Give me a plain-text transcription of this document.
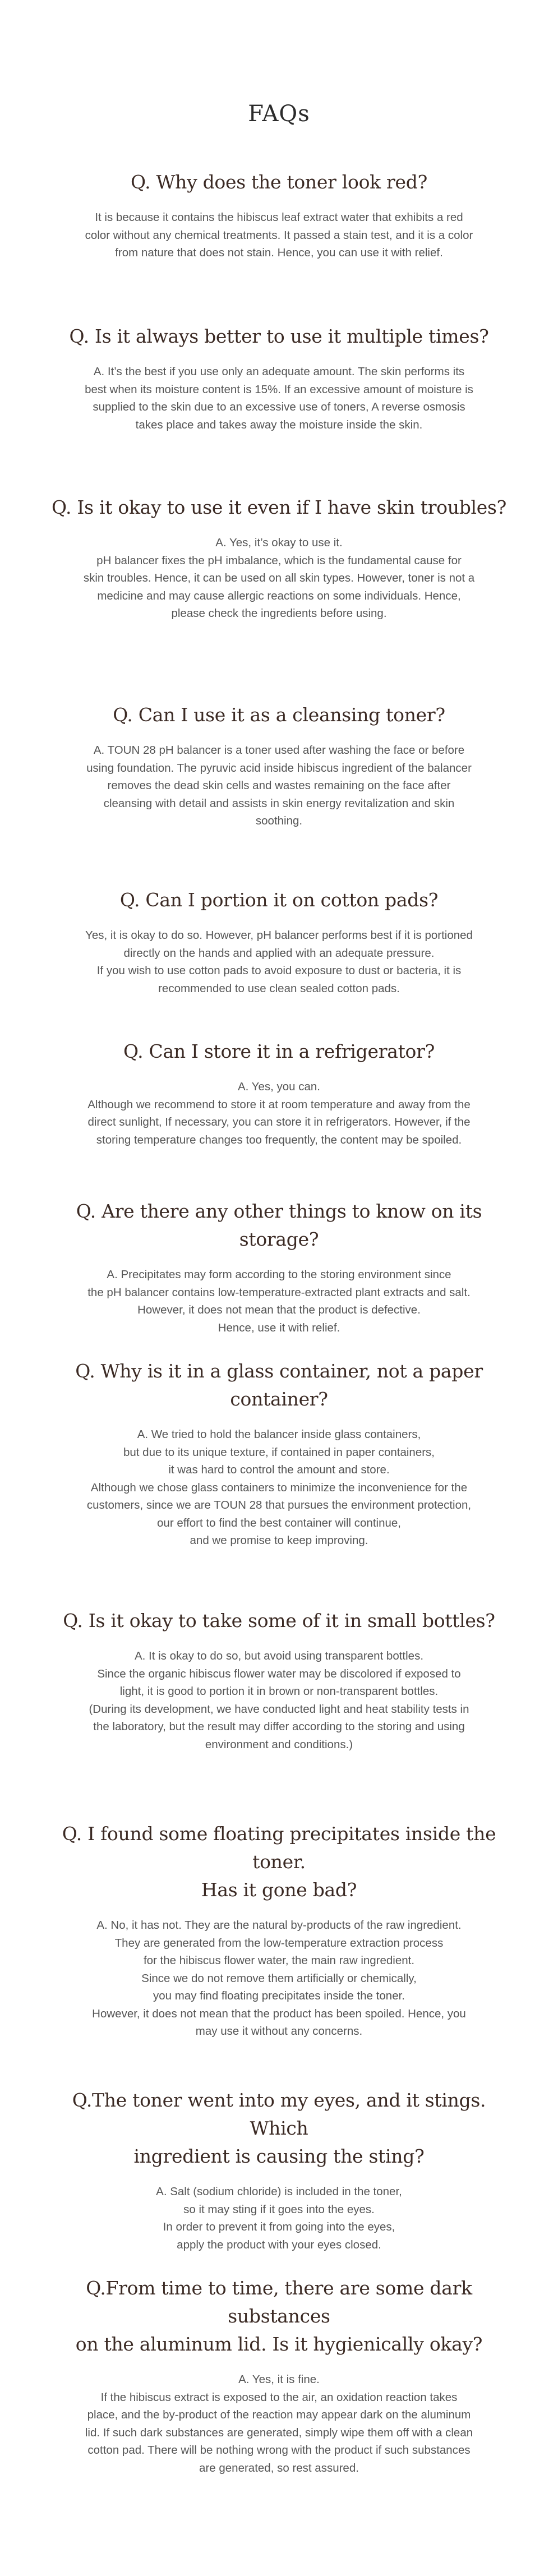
FAQs
Q. Why does the toner look red?

It is because it contains the hibiscus leaf extract water that exhibits a red
color without any chemical treatments. It passed a stain test, and it is a color
from nature that does not stain. Hence, you can use it with relief.

Q. Is it always better to use it multiple times?

A. It’s the best if you use only an adequate amount. The skin performs its
best when its moisture content is 15%. If an excessive amount of moisture is
supplied to the skin due to an excessive use of toners, A reverse osmosis
takes place and takes away the moisture inside the skin.

Q. Is it okay to use it even if I have skin troubles?

A. Yes, it’s okay to use it.
pH balancer fixes the pH imbalance, which is the fundamental cause for
skin troubles. Hence, it can be used on all skin types. However, toner is not a
medicine and may cause allergic reactions on some individuals. Hence,
please check the ingredients before using.

Q. Can I use it as a cleansing toner?

A. TOUN 28 pH balancer is a toner used after washing the face or before
using foundation. The pyruvic acid inside hibiscus ingredient of the balancer
removes the dead skin cells and wastes remaining on the face after
cleansing with detail and assists in skin energy revitalization and skin
soothing.

Q. Can I portion it on cotton pads?

Yes, it is okay to do so. However, pH balancer performs best if it is portioned
directly on the hands and applied with an adequate pressure.
If you wish to use cotton pads to avoid exposure to dust or bacteria, it is
recommended to use clean sealed cotton pads.

Q. Can I store it in a refrigerator?

A. Yes, you can.
Although we recommend to store it at room temperature and away from the
direct sunlight, If necessary, you can store it in refrigerators. However, if the
storing temperature changes too frequently, the content may be spoiled.

Q. Are there any other things to know on its storage?

A. Precipitates may form according to the storing environment since
the pH balancer contains low-temperature-extracted plant extracts and salt.
However, it does not mean that the product is defective.
Hence, use it with relief.

Q. Why is it in a glass container, not a paper container?

A. We tried to hold the balancer inside glass containers,
but due to its unique texture, if contained in paper containers,
it was hard to control the amount and store.
Although we chose glass containers to minimize the inconvenience for the
customers, since we are TOUN 28 that pursues the environment protection,
our effort to find the best container will continue,
and we promise to keep improving.

Q. Is it okay to take some of it in small bottles?

A. It is okay to do so, but avoid using transparent bottles.
Since the organic hibiscus flower water may be discolored if exposed to
light, it is good to portion it in brown or non-transparent bottles.
(During its development, we have conducted light and heat stability tests in
the laboratory, but the result may differ according to the storing and using
environment and conditions.)

Q. I found some floating precipitates inside the toner.
Has it gone bad?

A. No, it has not. They are the natural by-products of the raw ingredient.
They are generated from the low-temperature extraction process
for the hibiscus flower water, the main raw ingredient.
Since we do not remove them artificially or chemically,
you may find floating precipitates inside the toner.
However, it does not mean that the product has been spoiled. Hence, you
may use it without any concerns.

Q.The toner went into my eyes, and it stings. Which
ingredient is causing the sting?

A. Salt (sodium chloride) is included in the toner,
so it may sting if it goes into the eyes.
In order to prevent it from going into the eyes,
apply the product with your eyes closed.

Q.From time to time, there are some dark substances
on the aluminum lid. Is it hygienically okay?

A. Yes, it is fine.
If the hibiscus extract is exposed to the air, an oxidation reaction takes
place, and the by-product of the reaction may appear dark on the aluminum
lid. If such dark substances are generated, simply wipe them off with a clean
cotton pad. There will be nothing wrong with the product if such substances
are generated, so rest assured.
